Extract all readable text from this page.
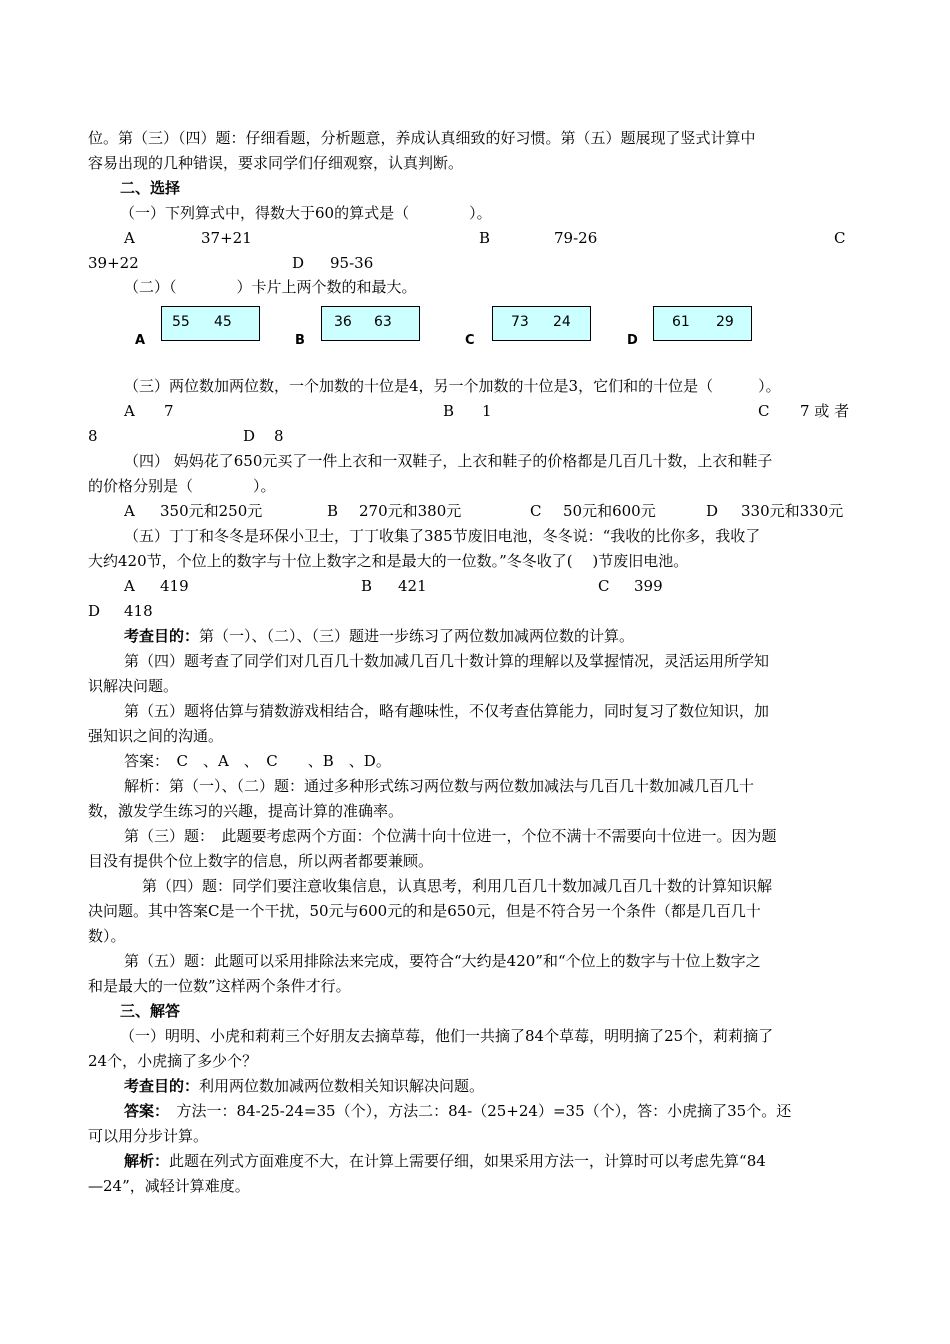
位。第（三）（四）题：仔细看题，分析题意，养成认真细致的好习惯。第（五）题展现了竖式计算中
容易出现的几种错误，要求同学们仔细观察，认真判断。
二、选择
（一）下列算式中，得数大于60的算式是（　　　　）。
A	37+21	B	79-26	C
39+22	D 95-36
（二）（　　　　）卡片上两个数的和最大。
55 45
A
36 63
B
73 24
C
61 29
D
（三）两位数加两位数，一个加数的十位是4，另一个加数的十位是3，它们和的十位是（　　　）。
A 7	B 1	C 7 或 者
8	D 8
（四） 妈妈花了650元买了一件上衣和一双鞋子，上衣和鞋子的价格都是几百几十数，上衣和鞋子
的价格分别是（　　　　）。
A 350元和250元	B 270元和380元	C 50元和600元	D 330元和330元
（五）丁丁和冬冬是环保小卫士，丁丁收集了385节废旧电池，冬冬说：“我收的比你多，我收了
大约420节，个位上的数字与十位上数字之和是最大的一位数。”冬冬收了(　 )节废旧电池。
A 419	B 421	C 399
D 418
考查目的：第（一）、（二）、（三）题进一步练习了两位数加减两位数的计算。
第（四）题考查了同学们对几百几十数加减几百几十数计算的理解以及掌握情况，灵活运用所学知
识解决问题。
第（五）题将估算与猜数游戏相结合，略有趣味性，不仅考查估算能力，同时复习了数位知识，加
强知识之间的沟通。
答案：　C　、A　、　C　　、B　、D。
解析：第（一）、（二）题：通过多种形式练习两位数与两位数加减法与几百几十数加减几百几十
数，激发学生练习的兴趣，提高计算的准确率。
第（三）题：　此题要考虑两个方面：个位满十向十位进一，个位不满十不需要向十位进一。因为题
目没有提供个位上数字的信息，所以两者都要兼顾。
第（四）题：同学们要注意收集信息，认真思考，利用几百几十数加减几百几十数的计算知识解
决问题。其中答案C是一个干扰，50元与600元的和是650元，但是不符合另一个条件（都是几百几十
数）。
第（五）题：此题可以采用排除法来完成，要符合“大约是420”和“个位上的数字与十位上数字之
和是最大的一位数”这样两个条件才行。
三、解答
（一）明明、小虎和莉莉三个好朋友去摘草莓，他们一共摘了84个草莓，明明摘了25个，莉莉摘了
24个，小虎摘了多少个？
考查目的：利用两位数加减两位数相关知识解决问题。
答案：　方法一：84-25-24=35（个），方法二：84-（25+24）=35（个），答：小虎摘了35个。还
可以用分步计算。
解析：此题在列式方面难度不大，在计算上需要仔细，如果采用方法一，计算时可以考虑先算“84
—24”，减轻计算难度。
